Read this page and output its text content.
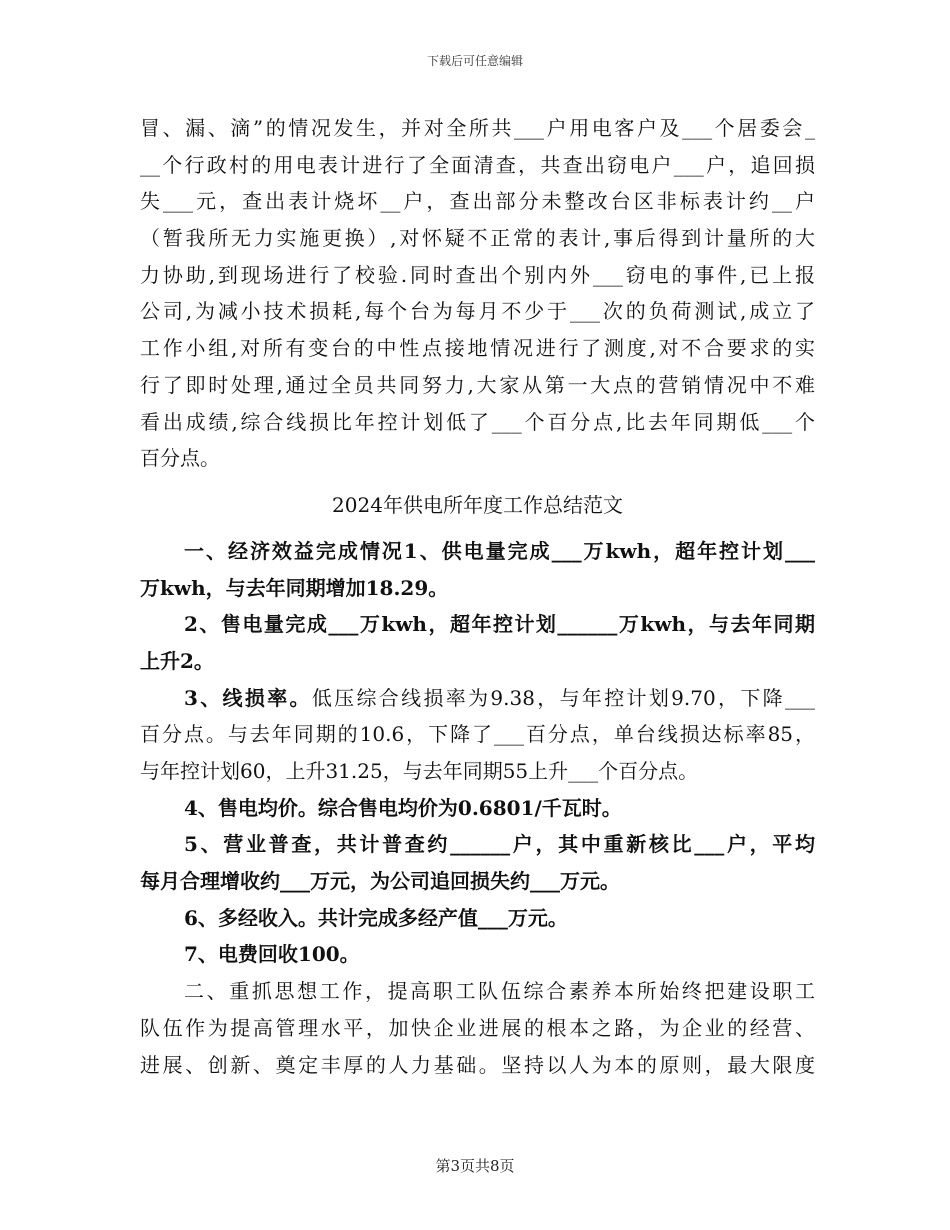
下载后可任意编辑
冒、漏、滴”的情况发生，并对全所共___户用电客户及___个居委会_
__个行政村的用电表计进行了全面清查，共查出窃电户___户，追回损
失___元，查出表计烧坏__户，查出部分未整改台区非标表计约__户
（暂我所无力实施更换）,对怀疑不正常的表计,事后得到计量所的大
力协助,到现场进行了校验.同时查出个别内外___窃电的事件,已上报
公司,为减小技术损耗,每个台为每月不少于___次的负荷测试,成立了
工作小组,对所有变台的中性点接地情况进行了测度,对不合要求的实
行了即时处理,通过全员共同努力,大家从第一大点的营销情况中不难
看出成绩,综合线损比年控计划低了___个百分点,比去年同期低___个
百分点。
2024年供电所年度工作总结范文
一、经济效益完成情况1、供电量完成___万kwh，超年控计划___
万kwh，与去年同期增加18.29。
2、售电量完成___万kwh，超年控计划______万kwh，与去年同期
上升2。
3、线损率。低压综合线损率为9.38，与年控计划9.70，下降___
百分点。与去年同期的10.6，下降了___百分点，单台线损达标率85，
与年控计划60，上升31.25，与去年同期55上升___个百分点。
4、售电均价。综合售电均价为0.6801/千瓦时。
5、营业普查，共计普查约______户，其中重新核比___户，平均
每月合理增收约___万元，为公司追回损失约___万元。
6、多经收入。共计完成多经产值___万元。
7、电费回收100。
二、重抓思想工作，提高职工队伍综合素养本所始终把建设职工
队伍作为提高管理水平，加快企业进展的根本之路，为企业的经营、
进展、创新、奠定丰厚的人力基础。坚持以人为本的原则，最大限度
第3页共8页
